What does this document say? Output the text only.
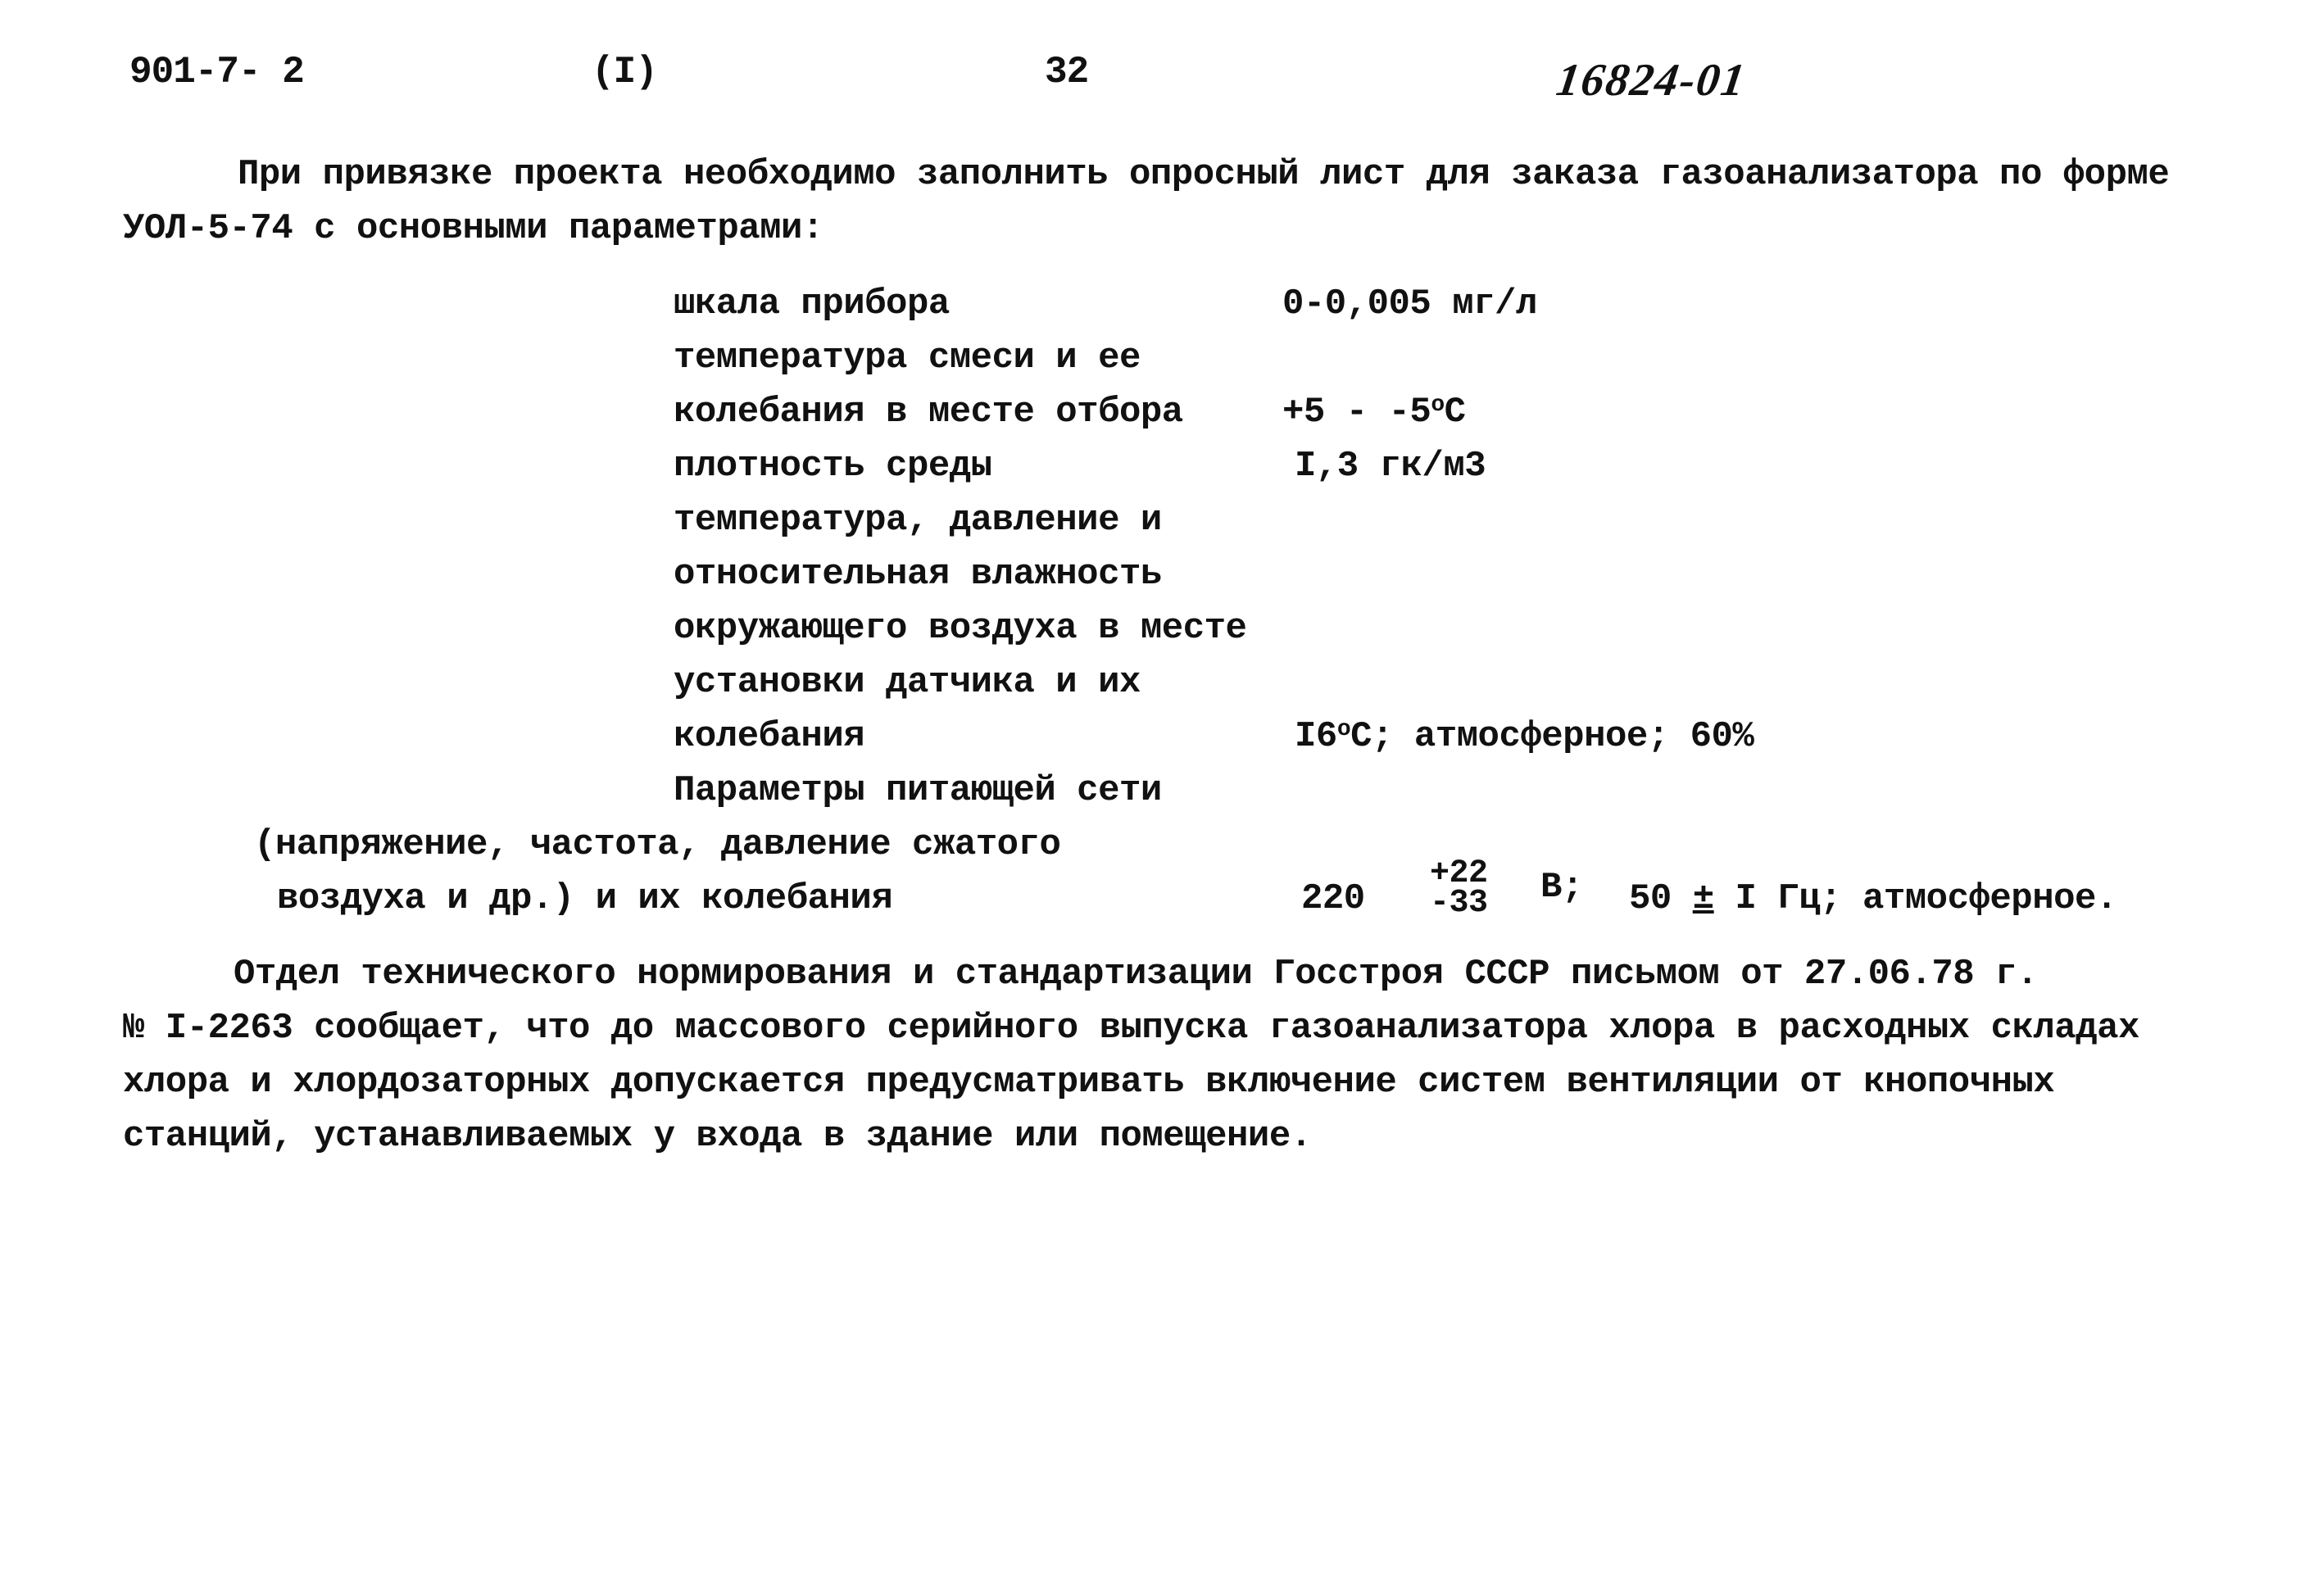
901-7- 2	(I)	32	16824-01
При привязке проекта необходимо заполнить опросный лист для заказа газоанализатора по форме
УОЛ-5-74 с основными параметрами:
шкала прибора	0-0,005 мг/л
температура смеси и ее
колебания в месте отбора	+5 - -5$^o$C
плотность среды	I,3 гк/м3
температура, давление и
относительная влажность
окружающего воздуха в месте
установки датчика и их
колебания	I6$^o$C; атмосферное; 60%
Параметры питающей сети
(напряжение, частота, давление сжатого
воздуха и др.) и их колебания	220
+22
-33 В; 50 ± I Гц; атмосферное.
Отдел технического нормирования и стандартизации Госстроя СССР письмом от 27.06.78 г.
№ I-2263 сообщает, что до массового серийного выпуска газоанализатора хлора в расходных складах
хлора и хлордозаторных допускается предусматривать включение систем вентиляции от кнопочных
станций, устанавливаемых у входа в здание или помещение.
